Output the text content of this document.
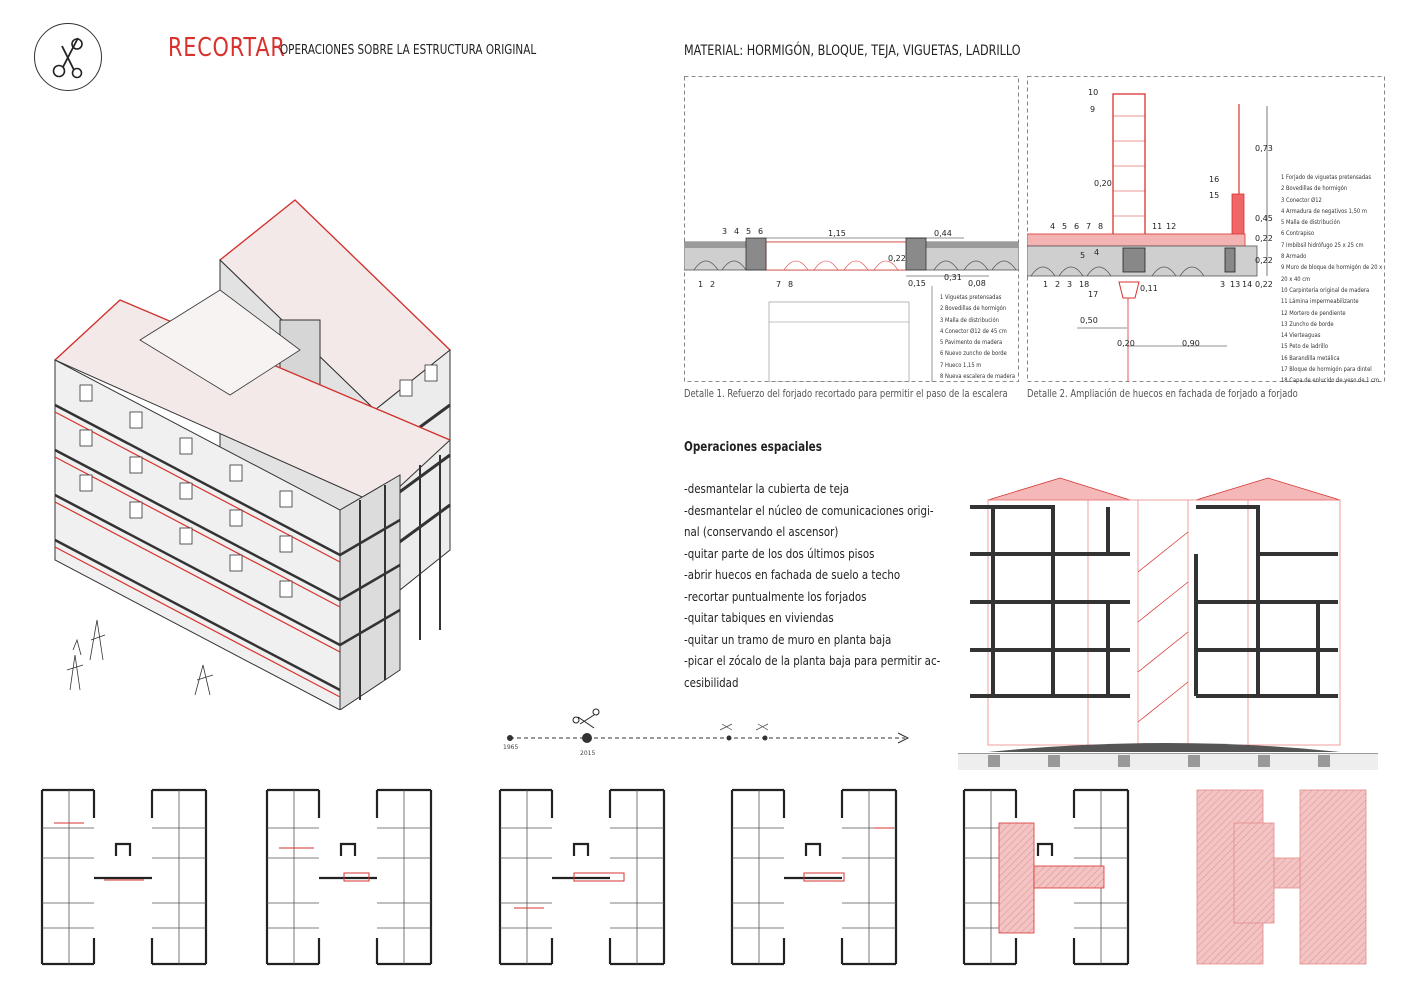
RECORTAR
OPERACIONES SOBRE LA ESTRUCTURA ORIGINAL	MATERIAL: HORMIGÓN, BLOQUE, TEJA, VIGUETAS, LADRILLO
1,15	0,44
0,22
0,31
0,15	0,08
3 4 5 6
1 2	7 8
1 Viguetas pretensadas
2 Bovedillas de hormigón
3 Malla de distribución
4 Conector Ø12 de 45 cm
5 Pavimento de madera
6 Nuevo zuncho de borde
7 Hueco 1,15 m
8 Nueva escalera de madera
Detalle 1. Refuerzo del forjado recortado para permitir el paso de la escalera
0,73
0,20
0,45
0,22
0,22
0,22
0,11
0,50
0,20	0,90
10
9
16
15
4 5 6 7 8	11 12
5 4
1 2 3 18
17
3 13 14
1 Forjado de viguetas pretensadas
2 Bovedillas de hormigón
3 Conector Ø12
4 Armadura de negativos 1,50 m
5 Malla de distribución
6 Contrapiso
7 Imbibsil hidrófugo 25 x 25 cm
8 Armado
9 Muro de bloque de hormigón de 20 x
20 x 40 cm
10 Carpintería original de madera
11 Lámina impermeabilizante
12 Mortero de pendiente
13 Zuncho de borde
14 Vierteaguas
15 Peto de ladrillo
16 Barandilla metálica
17 Bloque de hormigón para dintel
18 Capa de enlucido de yeso de 1 cm
Detalle 2. Ampliación de huecos en fachada de forjado a forjado
Operaciones espaciales
-desmantelar la cubierta de teja
-desmantelar el núcleo de comunicaciones origi-
nal (conservando el ascensor)
-quitar parte de los dos últimos pisos
-abrir huecos en fachada de suelo a techo
-recortar puntualmente los forjados
-quitar tabiques en viviendas
-quitar un tramo de muro en planta baja
-picar el zócalo de la planta baja para permitir ac-
cesibilidad
1965
2015
